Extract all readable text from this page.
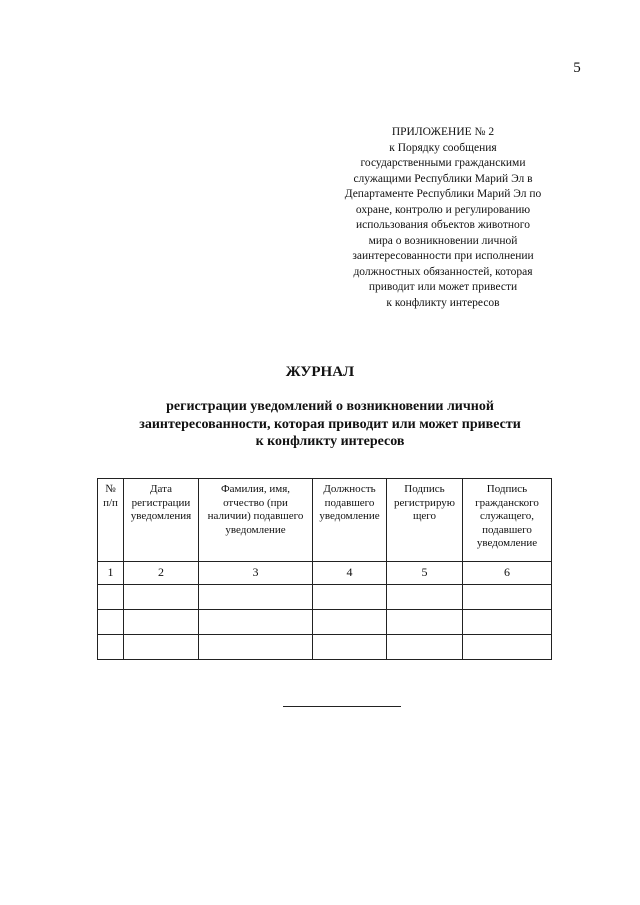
5
ПРИЛОЖЕНИЕ № 2
к Порядку сообщения
государственными гражданскими
служащими Республики Марий Эл в
Департаменте Республики Марий Эл по
охране, контролю и регулированию
использования объектов животного
мира о возникновении личной
заинтересованности при исполнении
должностных обязанностей, которая
приводит или может привести
к конфликту интересов
ЖУРНАЛ
регистрации уведомлений о возникновении личной
заинтересованности, которая приводит или может привести
к конфликту интересов
№ п/п	Дата регистрации уведомления	Фамилия, имя, отчество (при наличии) подавшего уведомление	Должность подавшего уведомление	Подпись регистрирую щего	Подпись гражданского служащего, подавшего уведомление
1	2	3	4	5	6
